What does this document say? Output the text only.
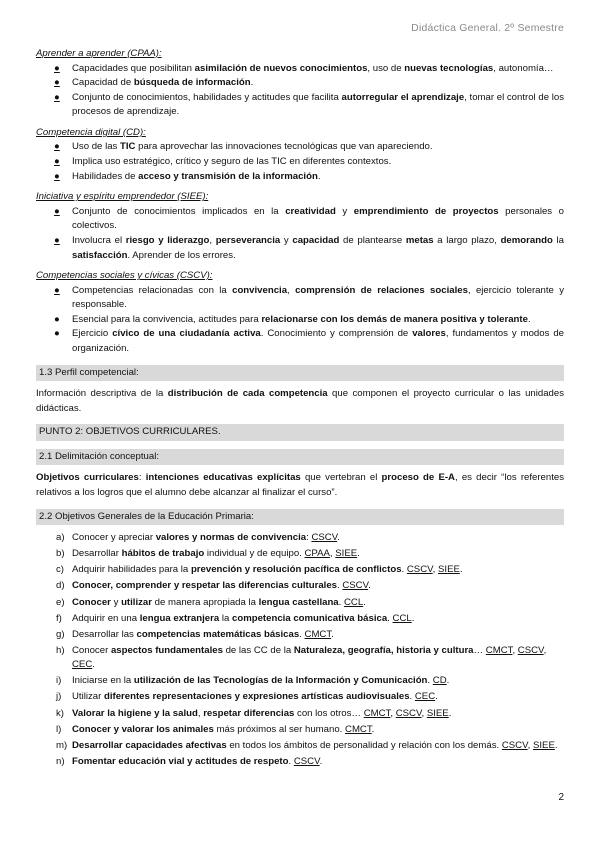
Didáctica General. 2º Semestre
Aprender a aprender (CPAA):
● Capacidades que posibilitan asimilación de nuevos conocimientos, uso de nuevas tecnologías, autonomía…
● Capacidad de búsqueda de información.
● Conjunto de conocimientos, habilidades y actitudes que facilita autorregular el aprendizaje, tomar el control de los procesos de aprendizaje.
Competencia digital (CD):
● Uso de las TIC para aprovechar las innovaciones tecnológicas que van apareciendo.
● Implica uso estratégico, crítico y seguro de las TIC en diferentes contextos.
● Habilidades de acceso y transmisión de la información.
Iniciativa y espíritu emprendedor (SIEE):
● Conjunto de conocimientos implicados en la creatividad y emprendimiento de proyectos personales o colectivos.
● Involucra el riesgo y liderazgo, perseverancia y capacidad de plantearse metas a largo plazo, demorando la satisfacción. Aprender de los errores.
Competencias sociales y cívicas (CSCV):
● Competencias relacionadas con la convivencia, comprensión de relaciones sociales, ejercicio tolerante y responsable.
● Esencial para la convivencia, actitudes para relacionarse con los demás de manera positiva y tolerante.
● Ejercicio cívico de una ciudadanía activa. Conocimiento y comprensión de valores, fundamentos y modos de organización.
1.3 Perfil competencial:
Información descriptiva de la distribución de cada competencia que componen el proyecto curricular o las unidades didácticas.
PUNTO 2: OBJETIVOS CURRICULARES.
2.1 Delimitación conceptual:
Objetivos curriculares: intenciones educativas explícitas que vertebran el proceso de E-A, es decir “los referentes relativos a los logros que el alumno debe alcanzar al finalizar el curso”.
2.2 Objetivos Generales de la Educación Primaria:
a) Conocer y apreciar valores y normas de convivencia: CSCV.
b) Desarrollar hábitos de trabajo individual y de equipo. CPAA, SIEE.
c) Adquirir habilidades para la prevención y resolución pacífica de conflictos. CSCV, SIEE.
d) Conocer, comprender y respetar las diferencias culturales. CSCV.
e) Conocer y utilizar de manera apropiada la lengua castellana. CCL.
f) Adquirir en una lengua extranjera la competencia comunicativa básica. CCL.
g) Desarrollar las competencias matemáticas básicas. CMCT.
h) Conocer aspectos fundamentales de las CC de la Naturaleza, geografía, historia y cultura… CMCT, CSCV, CEC.
i) Iniciarse en la utilización de las Tecnologías de la Información y Comunicación. CD.
j) Utilizar diferentes representaciones y expresiones artísticas audiovisuales. CEC.
k) Valorar la higiene y la salud, respetar diferencias con los otros… CMCT, CSCV, SIEE.
l) Conocer y valorar los animales más próximos al ser humano. CMCT.
m) Desarrollar capacidades afectivas en todos los ámbitos de personalidad y relación con los demás. CSCV, SIEE.
n) Fomentar educación vial y actitudes de respeto. CSCV.
2
